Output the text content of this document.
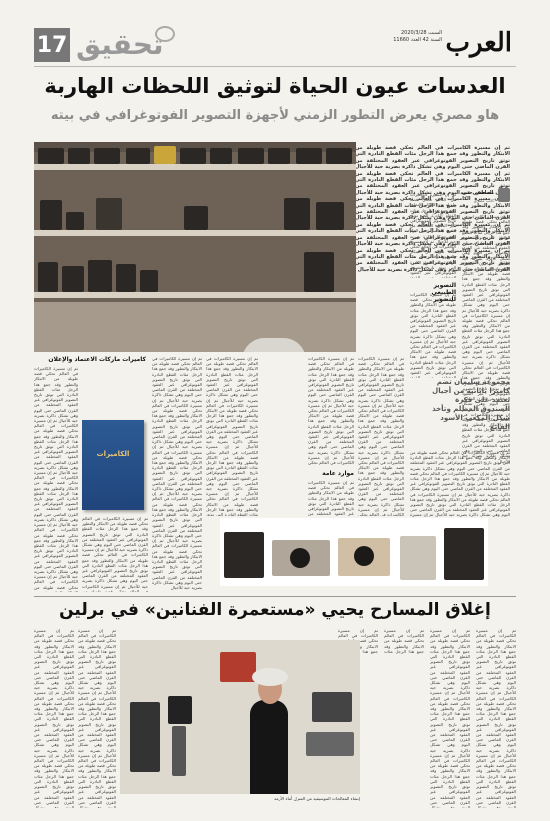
17 تحقيق	العرب
السبت 2020/3/28
السنة 42 العدد 11660
العدسات عيون الحياة لتوثيق اللحظات الهاربة
هاو مصري يعرض التطور الزمني لأجهزة التصوير الفوتوغرافي في بيته
ثم إن مسيرة الكاميرات في العالم تحكي قصة طويلة من الابتكار والتطور وقد جمع هذا الرجل مئات القطع النادرة التي توثق تاريخ التصوير الفوتوغرافي عبر العقود المختلفة من القرن الماضي حتى اليوم وهي تشكل ذاكرة بصرية حية للأجيال ثم إن مسيرة الكاميرات في العالم تحكي قصة طويلة من الابتكار والتطور وقد جمع هذا الرجل مئات القطع النادرة التي توثق تاريخ التصوير الفوتوغرافي عبر العقود المختلفة من القرن الماضي حتى اليوم وهي تشكل ذاكرة بصرية حية للأجيال ثم إن مسيرة الكاميرات في العالم تحكي قصة طويلة من الابتكار والتطور وقد جمع هذا الرجل مئات القطع النادرة التي توثق تاريخ التصوير الفوتوغرافي عبر العقود المختلفة من القرن الماضي حتى اليوم وهي تشكل ذاكرة بصرية حية للأجيال ثم إن مسيرة الكاميرات في العالم تحكي قصة طويلة من الابتكار والتطور وقد جمع هذا الرجل مئات القطع النادرة التي توثق تاريخ التصوير الفوتوغرافي عبر العقود المختلفة من القرن الماضي حتى اليوم وهي تشكل ذاكرة بصرية حية للأجيال ثم إن مسيرة الكاميرات في العالم تحكي قصة طويلة من الابتكار والتطور وقد جمع هذا الرجل مئات القطع النادرة التي توثق تاريخ التصوير الفوتوغرافي عبر العقود المختلفة من القرن الماضي حتى اليوم وهي تشكل ذاكرة بصرية حية للأجيال
مصطفى عبيد
كاتب مصري
ثم إن مسيرة الكاميرات في العالم تحكي قصة طويلة من الابتكار والتطور وقد جمع هذا الرجل مئات القطع النادرة التي توثق تاريخ التصوير الفوتوغرافي عبر العقود المختلفة من القرن الماضي حتى اليوم وهي تشكل ذاكرة بصرية حية للأجيال ثم إن مسيرة الكاميرات في العالم تحكي قصة طويلة من الابتكار والتطور وقد جمع هذا الرجل مئات القطع النادرة التي توثق تاريخ التصوير الفوتوغرافي عبر العقود المختلفة من القرن الماضي حتى اليوم وهي تشكل ذاكرة بصرية حية للأجيال ثم إن مسيرة الكاميرات في العالم تحكي قصة طويلة من الابتكار والتطور وقد جمع هذا الرجل مئات القطع النادرة التي توثق تاريخ التصوير الفوتوغرافي عبر العقود المختلفة من القرن الماضي حتى اليوم وهي تشكل ذاكرة بصرية حية للأجيال ثم إن مسيرة الكاميرات في العالم تحكي قصة طويلة من الابتكار والتطور وقد جمع هذا الرجل مئات القطع النادرة التي توثق تاريخ التصوير الفوتوغرافي عبر العقود المختلفة من القرن الماضي حتى اليوم وهي تشكل ذاكرة بصرية حية للأجيال ثم إن مسيرة الكاميرات في العالم تحكي قصة طويلة من الابتكار والتطور وقد جمع هذا الرجل مئات القطع النادرة التي توثق تاريخ التصوير الفوتوغرافي عبر العقود المختلفة من القرن الماضي حتى اليوم وهي تشكل ذاكرة بصرية حية للأجيال
ثم إن مسيرة الكاميرات في العالم تحكي قصة طويلة من الابتكار والتطور وقد جمع هذا الرجل مئات القطع النادرة التي توثق تاريخ التصوير الفوتوغرافي عبر العقود المختلفة من القرن الماضي حتى اليوم وهي تشكل ذاكرة بصرية حية للأجيال ثم إن مسيرة الكاميرات في العالم تحكي قصة طويلة من الابتكار والتطور وقد جمع هذا الرجل مئات القطع النادرة التي توثق تاريخ التصوير الفوتوغرافي عبر العقود المختلفة من القرن الماضي حتى اليوم وهي تشكل ذاكرة بصرية حية للأجيال ثم إن مسيرة الكاميرات في العالم تحكي قصة طويلة من الابتكار والتطور وقد جمع هذا الرجل مئات القطع النادرة التي توثق تاريخ التصوير الفوتوغرافي عبر العقود المختلفة من القرن الماضي حتى اليوم وهي تشكل ذاكرة بصرية حية للأجيال ثم إن مسيرة الكاميرات في العالم تحكي قصة طويلة من الابتكار والتطور وقد جمع هذا الرجل مئات القطع النادرة التي توثق تاريخ التصوير الفوتوغرافي عبر العقود المختلفة من القرن الماضي حتى اليوم وهي تشكل ذاكرة بصرية حية للأجيال ثم إن مسيرة الكاميرات في العالم تحكي قصة طويلة من الابتكار والتطور وقد جمع هذا الرجل مئات القطع النادرة التي توثق تاريخ التصوير الفوتوغرافي عبر العقود المختلفة من القرن الماضي حتى اليوم وهي تشكل ذاكرة بصرية حية للأجيال
التصوير الطبيعي للتصوير
ثم إن مسيرة الكاميرات في العالم تحكي قصة طويلة من الابتكار والتطور وقد جمع هذا الرجل مئات القطع النادرة التي توثق تاريخ التصوير الفوتوغرافي عبر العقود المختلفة من القرن الماضي حتى اليوم وهي تشكل ذاكرة بصرية حية للأجيال ثم إن مسيرة الكاميرات في العالم تحكي قصة طويلة من الابتكار والتطور وقد جمع هذا الرجل مئات القطع النادرة التي توثق تاريخ التصوير الفوتوغرافي عبر العقود المختلفة من القرن الماضي حتى اليوم وهي تشكل ذاكرة بصرية حية للأجيال ثم إن مسيرة الكاميرات في العالم تحكي قصة طويلة من الابتكار والتطور وقد جمع هذا الرجل مئات القطع النادرة التي توثق تاريخ التصوير الفوتوغرافي عبر العقود المختلفة من القرن الماضي حتى اليوم وهي تشكل ذاكرة بصرية حية للأجيال ثم إن مسيرة الكاميرات في العالم تحكي قصة طويلة من الابتكار والتطور وقد جمع هذا الرجل مئات القطع النادرة التي توثق تاريخ التصوير الفوتوغرافي عبر العقود المختلفة من القرن الماضي حتى اليوم وهي تشكل ذاكرة بصرية حية للأجيال ثم إن مسيرة الكاميرات في العالم تحكي قصة طويلة من الابتكار والتطور وقد جمع هذا الرجل مئات القطع النادرة التي توثق تاريخ التصوير الفوتوغرافي عبر العقود المختلفة من القرن الماضي حتى اليوم وهي تشكل ذاكرة بصرية حية للأجيال
مجموعة سليمان تضم كاميرا يابانية من أجيال تعتمد على فكرة الصندوق المظلم وتأخذ شكل المكعب الأسود القابع
ثم إن مسيرة الكاميرات في العالم تحكي قصة طويلة من الابتكار والتطور وقد جمع هذا الرجل مئات القطع النادرة التي توثق تاريخ التصوير الفوتوغرافي عبر العقود المختلفة من القرن الماضي حتى اليوم وهي تشكل ذاكرة بصرية حية للأجيال ثم إن مسيرة الكاميرات في العالم تحكي قصة طويلة من الابتكار والتطور وقد جمع هذا الرجل مئات القطع النادرة التي توثق تاريخ التصوير الفوتوغرافي عبر العقود المختلفة من القرن الماضي حتى اليوم وهي تشكل ذاكرة بصرية حية للأجيال ثم إن مسيرة الكاميرات في العالم تحكي قصة طويلة من الابتكار والتطور وقد جمع هذا الرجل مئات القطع النادرة التي توثق تاريخ التصوير الفوتوغرافي عبر العقود المختلفة من القرن الماضي حتى اليوم وهي تشكل ذاكرة بصرية حية للأجيال ثم إن مسيرة الكاميرات في العالم تحكي قصة طويلة من الابتكار والتطور وقد جمع هذا الرجل مئات القطع النادرة التي توثق تاريخ التصوير الفوتوغرافي عبر العقود المختلفة من القرن الماضي حتى اليوم وهي تشكل ذاكرة بصرية حية للأجيال ثم إن مسيرة الكاميرات في العالم تحكي قصة طويلة من الابتكار والتطور وقد جمع هذا الرجل مئات القطع النادرة التي توثق تاريخ التصوير الفوتوغرافي عبر العقود المختلفة من القرن الماضي حتى اليوم وهي تشكل ذاكرة بصرية حية للأجيال
ثم إن مسيرة الكاميرات في العالم تحكي قصة طويلة من الابتكار والتطور وقد جمع هذا الرجل مئات القطع النادرة التي توثق تاريخ التصوير الفوتوغرافي عبر العقود المختلفة من القرن الماضي حتى اليوم وهي تشكل ذاكرة بصرية حية للأجيال ثم إن مسيرة الكاميرات في العالم تحكي قصة طويلة من الابتكار والتطور وقد جمع هذا الرجل مئات القطع النادرة التي توثق تاريخ التصوير الفوتوغرافي عبر العقود المختلفة من القرن الماضي حتى اليوم وهي تشكل ذاكرة بصرية حية للأجيال ثم إن مسيرة الكاميرات في العالم تحكي قصة طويلة من الابتكار والتطور وقد جمع هذا الرجل مئات القطع النادرة التي توثق تاريخ التصوير الفوتوغرافي عبر العقود المختلفة من القرن الماضي حتى اليوم وهي تشكل ذاكرة بصرية حية للأجيال ثم إن مسيرة الكاميرات في العالم تحكي قصة طويلة من الابتكار والتطور وقد جمع هذا الرجل مئات القطع النادرة التي توثق تاريخ التصوير الفوتوغرافي عبر العقود المختلفة من القرن الماضي حتى اليوم وهي تشكل ذاكرة بصرية حية للأجيال ثم إن مسيرة الكاميرات في العالم تحكي قصة طويلة من الابتكار والتطور وقد جمع هذا الرجل مئات القطع النادرة التي توثق تاريخ التصوير الفوتوغرافي عبر العقود المختلفة من القرن الماضي حتى اليوم وهي تشكل ذاكرة بصرية حية للأجيال
موارد عامة
ثم إن مسيرة الكاميرات في العالم تحكي قصة طويلة من الابتكار والتطور وقد جمع هذا الرجل مئات القطع النادرة التي توثق تاريخ التصوير الفوتوغرافي عبر العقود المختلفة من القرن الماضي حتى اليوم وهي تشكل ذاكرة بصرية حية للأجيال ثم إن مسيرة الكاميرات في العالم تحكي قصة طويلة من الابتكار والتطور وقد جمع هذا الرجل مئات القطع النادرة التي توثق تاريخ التصوير الفوتوغرافي عبر العقود المختلفة من القرن الماضي حتى اليوم وهي تشكل ذاكرة بصرية حية للأجيال ثم إن مسيرة الكاميرات في العالم تحكي قصة طويلة من الابتكار والتطور وقد جمع هذا الرجل مئات القطع النادرة التي توثق تاريخ التصوير الفوتوغرافي عبر العقود المختلفة من القرن الماضي حتى اليوم وهي تشكل ذاكرة بصرية حية للأجيال ثم إن مسيرة الكاميرات في العالم تحكي قصة طويلة من الابتكار والتطور وقد جمع هذا الرجل مئات القطع النادرة التي توثق تاريخ التصوير الفوتوغرافي عبر العقود المختلفة من القرن الماضي حتى اليوم وهي تشكل ذاكرة بصرية حية للأجيال ثم إن مسيرة الكاميرات في العالم تحكي قصة طويلة من الابتكار والتطور وقد جمع هذا الرجل مئات القطع النادرة التي توثق تاريخ التصوير الفوتوغرافي عبر العقود المختلفة من القرن الماضي حتى اليوم وهي تشكل ذاكرة بصرية حية للأجيال
ثم إن مسيرة الكاميرات في العالم تحكي قصة طويلة من الابتكار والتطور وقد جمع هذا الرجل مئات القطع النادرة التي توثق تاريخ التصوير الفوتوغرافي عبر العقود المختلفة من القرن الماضي حتى اليوم وهي تشكل ذاكرة بصرية حية للأجيال ثم إن مسيرة الكاميرات في العالم تحكي قصة طويلة من الابتكار والتطور وقد جمع هذا الرجل مئات القطع النادرة التي توثق تاريخ التصوير الفوتوغرافي عبر العقود المختلفة من القرن الماضي حتى اليوم وهي تشكل ذاكرة بصرية حية للأجيال ثم إن مسيرة الكاميرات في العالم تحكي قصة طويلة من الابتكار والتطور وقد جمع هذا الرجل مئات القطع النادرة التي توثق تاريخ التصوير الفوتوغرافي عبر العقود المختلفة من القرن الماضي حتى اليوم وهي تشكل ذاكرة بصرية حية للأجيال ثم إن مسيرة الكاميرات في العالم تحكي قصة طويلة من الابتكار والتطور وقد جمع هذا الرجل مئات القطع النادرة التي توثق تاريخ التصوير الفوتوغرافي عبر العقود المختلفة من القرن الماضي حتى اليوم وهي تشكل ذاكرة بصرية حية للأجيال ثم إن مسيرة الكاميرات في العالم تحكي قصة طويلة من الابتكار والتطور وقد جمع هذا الرجل مئات القطع النادرة التي توثق تاريخ التصوير الفوتوغرافي عبر العقود المختلفة من القرن الماضي حتى اليوم وهي تشكل ذاكرة بصرية حية للأجيال
ثم إن مسيرة الكاميرات في العالم تحكي قصة طويلة من الابتكار والتطور وقد جمع هذا الرجل مئات القطع النادرة التي توثق تاريخ التصوير الفوتوغرافي عبر العقود المختلفة من القرن الماضي حتى اليوم وهي تشكل ذاكرة بصرية حية للأجيال ثم إن مسيرة الكاميرات في العالم تحكي قصة طويلة من الابتكار والتطور وقد جمع هذا الرجل مئات القطع النادرة التي توثق تاريخ التصوير الفوتوغرافي عبر العقود المختلفة من القرن الماضي حتى اليوم وهي تشكل ذاكرة بصرية حية للأجيال ثم إن مسيرة الكاميرات في العالم تحكي قصة طويلة من الابتكار والتطور وقد جمع هذا الرجل مئات القطع النادرة التي توثق تاريخ التصوير الفوتوغرافي عبر العقود المختلفة من القرن الماضي حتى اليوم وهي تشكل ذاكرة بصرية حية للأجيال ثم إن مسيرة الكاميرات في العالم تحكي قصة طويلة من الابتكار والتطور وقد جمع هذا الرجل مئات القطع النادرة التي توثق تاريخ التصوير الفوتوغرافي عبر العقود المختلفة من القرن الماضي حتى اليوم وهي تشكل ذاكرة بصرية حية للأجيال ثم إن مسيرة الكاميرات في العالم تحكي قصة طويلة من الابتكار والتطور وقد جمع هذا الرجل مئات القطع النادرة التي توثق تاريخ التصوير الفوتوغرافي عبر العقود المختلفة من القرن الماضي حتى اليوم وهي تشكل ذاكرة بصرية حية للأجيال
ثم إن مسيرة الكاميرات في العالم تحكي قصة طويلة من الابتكار والتطور وقد جمع هذا الرجل مئات القطع النادرة التي توثق تاريخ التصوير الفوتوغرافي عبر العقود المختلفة من القرن الماضي حتى اليوم وهي تشكل ذاكرة بصرية حية للأجيال ثم إن مسيرة الكاميرات في العالم تحكي قصة طويلة من الابتكار والتطور وقد جمع هذا الرجل مئات القطع النادرة التي توثق تاريخ التصوير الفوتوغرافي عبر العقود المختلفة من القرن الماضي حتى اليوم وهي تشكل ذاكرة بصرية حية للأجيال ثم إن مسيرة الكاميرات في العالم تحكي قصة طويلة من الابتكار والتطور وقد جمع هذا الرجل مئات القطع النادرة التي توثق تاريخ التصوير الفوتوغرافي عبر العقود المختلفة من القرن الماضي حتى اليوم وهي تشكل ذاكرة بصرية حية للأجيال ثم إن مسيرة الكاميرات في العالم تحكي قصة طويلة من الابتكار والتطور وقد جمع هذا الرجل مئات القطع النادرة التي توثق تاريخ التصوير الفوتوغرافي عبر العقود المختلفة من القرن الماضي حتى اليوم وهي تشكل ذاكرة بصرية حية للأجيال ثم إن مسيرة الكاميرات في العالم تحكي قصة طويلة من الابتكار والتطور وقد جمع هذا الرجل مئات القطع النادرة التي توثق تاريخ التصوير الفوتوغرافي عبر العقود المختلفة من القرن الماضي حتى اليوم وهي تشكل ذاكرة بصرية حية للأجيال
كاميرات ماركات الاعتماد والإعلان
ثم إن مسيرة الكاميرات في العالم تحكي قصة طويلة من الابتكار والتطور وقد جمع هذا الرجل مئات القطع النادرة التي توثق تاريخ التصوير الفوتوغرافي عبر العقود المختلفة من القرن الماضي حتى اليوم وهي تشكل ذاكرة بصرية حية للأجيال ثم إن مسيرة الكاميرات في العالم تحكي قصة طويلة من الابتكار والتطور وقد جمع هذا الرجل مئات القطع النادرة التي توثق تاريخ التصوير الفوتوغرافي عبر العقود المختلفة من القرن الماضي حتى اليوم وهي تشكل ذاكرة بصرية حية للأجيال ثم إن مسيرة الكاميرات في العالم تحكي قصة طويلة من الابتكار والتطور وقد جمع هذا الرجل مئات القطع النادرة التي توثق تاريخ التصوير الفوتوغرافي عبر العقود المختلفة من القرن الماضي حتى اليوم وهي تشكل ذاكرة بصرية حية للأجيال ثم إن مسيرة الكاميرات في العالم تحكي قصة طويلة من الابتكار والتطور وقد جمع هذا الرجل مئات القطع النادرة التي توثق تاريخ التصوير الفوتوغرافي عبر العقود المختلفة من القرن الماضي حتى اليوم وهي تشكل ذاكرة بصرية حية للأجيال ثم إن مسيرة الكاميرات في العالم تحكي قصة طويلة من الابتكار والتطور وقد جمع هذا الرجل مئات القطع النادرة التي توثق تاريخ التصوير الفوتوغرافي عبر العقود المختلفة من القرن الماضي حتى اليوم وهي تشكل ذاكرة بصرية حية للأجيال
ثم إن مسيرة الكاميرات في العالم تحكي قصة طويلة من الابتكار والتطور وقد جمع هذا الرجل مئات القطع النادرة التي توثق تاريخ التصوير الفوتوغرافي عبر العقود المختلفة من القرن الماضي حتى اليوم وهي تشكل ذاكرة بصرية حية للأجيال ثم إن مسيرة الكاميرات في العالم تحكي قصة طويلة من الابتكار والتطور وقد جمع هذا الرجل مئات القطع النادرة التي توثق تاريخ التصوير الفوتوغرافي عبر العقود المختلفة من القرن الماضي حتى اليوم وهي تشكل ذاكرة بصرية حية للأجيال ثم إن مسيرة الكاميرات في العالم تحكي قصة طويلة من الابتكار والتطور وقد جمع هذا الرجل مئات القطع النادرة التي توثق تاريخ التصوير الفوتوغرافي عبر العقود المختلفة من القرن الماضي حتى اليوم وهي تشكل ذاكرة بصرية حية للأجيال ثم إن مسيرة الكاميرات في العالم تحكي قصة طويلة من الابتكار والتطور وقد جمع هذا الرجل مئات القطع النادرة التي توثق تاريخ التصوير الفوتوغرافي عبر العقود المختلفة من القرن الماضي حتى اليوم وهي تشكل ذاكرة بصرية حية للأجيال ثم إن مسيرة الكاميرات في العالم تحكي قصة طويلة من الابتكار والتطور وقد جمع هذا الرجل مئات القطع النادرة التي توثق تاريخ التصوير الفوتوغرافي عبر العقود المختلفة من القرن الماضي حتى اليوم وهي تشكل ذاكرة بصرية حية للأجيال
الكاميرات
إغلاق المسارح يحيي «مستعمرة الفنانين» في برلين
ثم إن مسيرة الكاميرات في العالم تحكي قصة طويلة من الابتكار والتطور وقد جمع هذا الرجل مئات القطع النادرة التي توثق تاريخ التصوير الفوتوغرافي عبر العقود المختلفة من القرن الماضي حتى اليوم وهي تشكل ذاكرة بصرية حية للأجيال ثم إن مسيرة الكاميرات في العالم تحكي قصة طويلة من الابتكار والتطور وقد جمع هذا الرجل مئات القطع النادرة التي توثق تاريخ التصوير الفوتوغرافي عبر العقود المختلفة من القرن الماضي حتى اليوم وهي تشكل ذاكرة بصرية حية للأجيال ثم إن مسيرة الكاميرات في العالم تحكي قصة طويلة من الابتكار والتطور وقد جمع هذا الرجل مئات القطع النادرة التي توثق تاريخ التصوير الفوتوغرافي عبر العقود المختلفة من القرن الماضي حتى اليوم وهي تشكل ذاكرة بصرية حية للأجيال ثم إن مسيرة الكاميرات في العالم تحكي قصة طويلة من الابتكار والتطور وقد جمع هذا الرجل مئات القطع النادرة التي توثق تاريخ التصوير الفوتوغرافي عبر العقود المختلفة من القرن الماضي حتى اليوم وهي تشكل ذاكرة بصرية حية للأجيال ثم إن مسيرة الكاميرات في العالم تحكي قصة طويلة من الابتكار والتطور وقد جمع هذا الرجل مئات القطع النادرة التي توثق تاريخ التصوير الفوتوغرافي عبر العقود المختلفة من القرن الماضي حتى اليوم وهي تشكل ذاكرة بصرية حية للأجيال
ثم إن مسيرة الكاميرات في العالم تحكي قصة طويلة من الابتكار والتطور وقد جمع هذا الرجل مئات القطع النادرة التي توثق تاريخ التصوير الفوتوغرافي عبر العقود المختلفة من القرن الماضي حتى اليوم وهي تشكل ذاكرة بصرية حية للأجيال ثم إن مسيرة الكاميرات في العالم تحكي قصة طويلة من الابتكار والتطور وقد جمع هذا الرجل مئات القطع النادرة التي توثق تاريخ التصوير الفوتوغرافي عبر العقود المختلفة من القرن الماضي حتى اليوم وهي تشكل ذاكرة بصرية حية للأجيال ثم إن مسيرة الكاميرات في العالم تحكي قصة طويلة من الابتكار والتطور وقد جمع هذا الرجل مئات القطع النادرة التي توثق تاريخ التصوير الفوتوغرافي عبر العقود المختلفة من القرن الماضي حتى اليوم وهي تشكل ذاكرة بصرية حية للأجيال ثم إن مسيرة الكاميرات في العالم تحكي قصة طويلة من الابتكار والتطور وقد جمع هذا الرجل مئات القطع النادرة التي توثق تاريخ التصوير الفوتوغرافي عبر العقود المختلفة من القرن الماضي حتى اليوم وهي تشكل ذاكرة بصرية حية للأجيال ثم إن مسيرة الكاميرات في العالم تحكي قصة طويلة من الابتكار والتطور وقد جمع هذا الرجل مئات القطع النادرة التي توثق تاريخ التصوير الفوتوغرافي عبر العقود المختلفة من القرن الماضي حتى اليوم وهي تشكل ذاكرة بصرية حية للأجيال
ثم إن مسيرة الكاميرات في العالم تحكي قصة طويلة من الابتكار والتطور وقد جمع هذا الرجل مئات القطع النادرة التي توثق تاريخ التصوير الفوتوغرافي عبر العقود المختلفة من القرن الماضي حتى اليوم وهي تشكل ذاكرة بصرية حية للأجيال ثم إن مسيرة الكاميرات في العالم تحكي قصة طويلة من الابتكار والتطور وقد جمع هذا الرجل مئات القطع النادرة التي توثق تاريخ التصوير الفوتوغرافي عبر العقود المختلفة من القرن الماضي حتى اليوم وهي تشكل ذاكرة بصرية حية للأجيال ثم إن مسيرة الكاميرات في العالم تحكي قصة طويلة من الابتكار والتطور وقد جمع هذا الرجل مئات القطع النادرة التي توثق تاريخ التصوير الفوتوغرافي عبر العقود المختلفة من القرن الماضي حتى اليوم وهي تشكل ذاكرة بصرية حية للأجيال ثم إن مسيرة الكاميرات في العالم تحكي قصة طويلة من الابتكار والتطور وقد جمع هذا الرجل مئات القطع النادرة التي توثق تاريخ التصوير الفوتوغرافي عبر العقود المختلفة من القرن الماضي حتى اليوم وهي تشكل ذاكرة بصرية حية للأجيال ثم إن مسيرة الكاميرات في العالم تحكي قصة طويلة من الابتكار والتطور وقد جمع هذا الرجل مئات القطع النادرة التي توثق تاريخ التصوير الفوتوغرافي عبر العقود المختلفة من القرن الماضي حتى اليوم وهي تشكل ذاكرة بصرية حية للأجيال
ثم إن مسيرة الكاميرات في العالم تحكي قصة طويلة من الابتكار والتطور وقد جمع هذا الرجل مئات القطع النادرة التي توثق تاريخ التصوير الفوتوغرافي عبر العقود المختلفة من القرن الماضي حتى اليوم وهي تشكل ذاكرة بصرية حية للأجيال ثم إن مسيرة الكاميرات في العالم تحكي قصة طويلة من الابتكار والتطور وقد جمع هذا الرجل مئات القطع النادرة التي توثق تاريخ التصوير الفوتوغرافي عبر العقود المختلفة من القرن الماضي حتى اليوم وهي تشكل ذاكرة بصرية حية للأجيال ثم إن مسيرة الكاميرات في العالم تحكي قصة طويلة من الابتكار والتطور وقد جمع هذا الرجل مئات القطع النادرة التي توثق تاريخ التصوير الفوتوغرافي عبر العقود المختلفة من القرن الماضي حتى اليوم وهي تشكل ذاكرة بصرية حية للأجيال ثم إن مسيرة الكاميرات في العالم تحكي قصة طويلة من الابتكار والتطور وقد جمع هذا الرجل مئات القطع النادرة التي توثق تاريخ التصوير الفوتوغرافي عبر العقود المختلفة من القرن الماضي حتى اليوم وهي تشكل ذاكرة بصرية حية للأجيال ثم إن مسيرة الكاميرات في العالم تحكي قصة طويلة من الابتكار والتطور وقد جمع هذا الرجل مئات القطع النادرة التي توثق تاريخ التصوير الفوتوغرافي عبر العقود المختلفة من القرن الماضي حتى اليوم وهي تشكل ذاكرة بصرية حية للأجيال
ثم إن مسيرة الكاميرات في العالم تحكي قصة طويلة من الابتكار والتطور وقد جمع هذا الرجل مئات القطع النادرة التي توثق تاريخ التصوير الفوتوغرافي عبر العقود المختلفة من القرن الماضي حتى اليوم وهي تشكل ذاكرة بصرية حية للأجيال ثم إن مسيرة الكاميرات في العالم تحكي قصة طويلة من الابتكار والتطور وقد جمع هذا الرجل مئات القطع النادرة التي توثق تاريخ التصوير الفوتوغرافي عبر العقود المختلفة من القرن الماضي حتى اليوم وهي تشكل ذاكرة بصرية حية للأجيال ثم إن مسيرة الكاميرات في العالم تحكي قصة طويلة من الابتكار والتطور وقد جمع هذا الرجل مئات القطع النادرة التي توثق تاريخ التصوير الفوتوغرافي عبر العقود المختلفة من القرن الماضي حتى اليوم وهي تشكل ذاكرة بصرية حية للأجيال ثم إن مسيرة الكاميرات في العالم تحكي قصة طويلة من الابتكار والتطور وقد جمع هذا الرجل مئات القطع النادرة التي توثق تاريخ التصوير الفوتوغرافي عبر العقود المختلفة من القرن الماضي حتى اليوم وهي تشكل ذاكرة بصرية حية للأجيال ثم إن مسيرة الكاميرات في العالم تحكي قصة طويلة من الابتكار والتطور وقد جمع هذا الرجل مئات القطع النادرة التي توثق تاريخ التصوير الفوتوغرافي عبر العقود المختلفة من القرن الماضي حتى اليوم وهي تشكل ذاكرة بصرية حية للأجيال
ثم إن مسيرة الكاميرات في العالم تحكي قصة طويلة من الابتكار والتطور وقد جمع هذا الرجل مئات القطع النادرة التي توثق تاريخ التصوير الفوتوغرافي عبر العقود المختلفة من القرن الماضي حتى اليوم وهي تشكل ذاكرة بصرية حية للأجيال ثم إن مسيرة الكاميرات في العالم تحكي قصة طويلة من الابتكار والتطور وقد جمع هذا الرجل مئات القطع النادرة التي توثق تاريخ التصوير الفوتوغرافي عبر العقود المختلفة من القرن الماضي حتى اليوم وهي تشكل ذاكرة بصرية حية للأجيال ثم إن مسيرة الكاميرات في العالم تحكي قصة طويلة من الابتكار والتطور وقد جمع هذا الرجل مئات القطع النادرة التي توثق تاريخ التصوير الفوتوغرافي عبر العقود المختلفة من القرن الماضي حتى اليوم وهي تشكل ذاكرة بصرية حية للأجيال ثم إن مسيرة الكاميرات في العالم تحكي قصة طويلة من الابتكار والتطور وقد جمع هذا الرجل مئات القطع النادرة التي توثق تاريخ التصوير الفوتوغرافي عبر العقود المختلفة من القرن الماضي حتى اليوم وهي تشكل ذاكرة بصرية حية للأجيال ثم إن مسيرة الكاميرات في العالم تحكي قصة طويلة من الابتكار والتطور وقد جمع هذا الرجل مئات القطع النادرة التي توثق تاريخ التصوير الفوتوغرافي عبر العقود المختلفة من القرن الماضي حتى اليوم وهي تشكل ذاكرة بصرية حية للأجيال
إنشاء المعالجات الموسيقية من المنزل أثناء الأزمة
